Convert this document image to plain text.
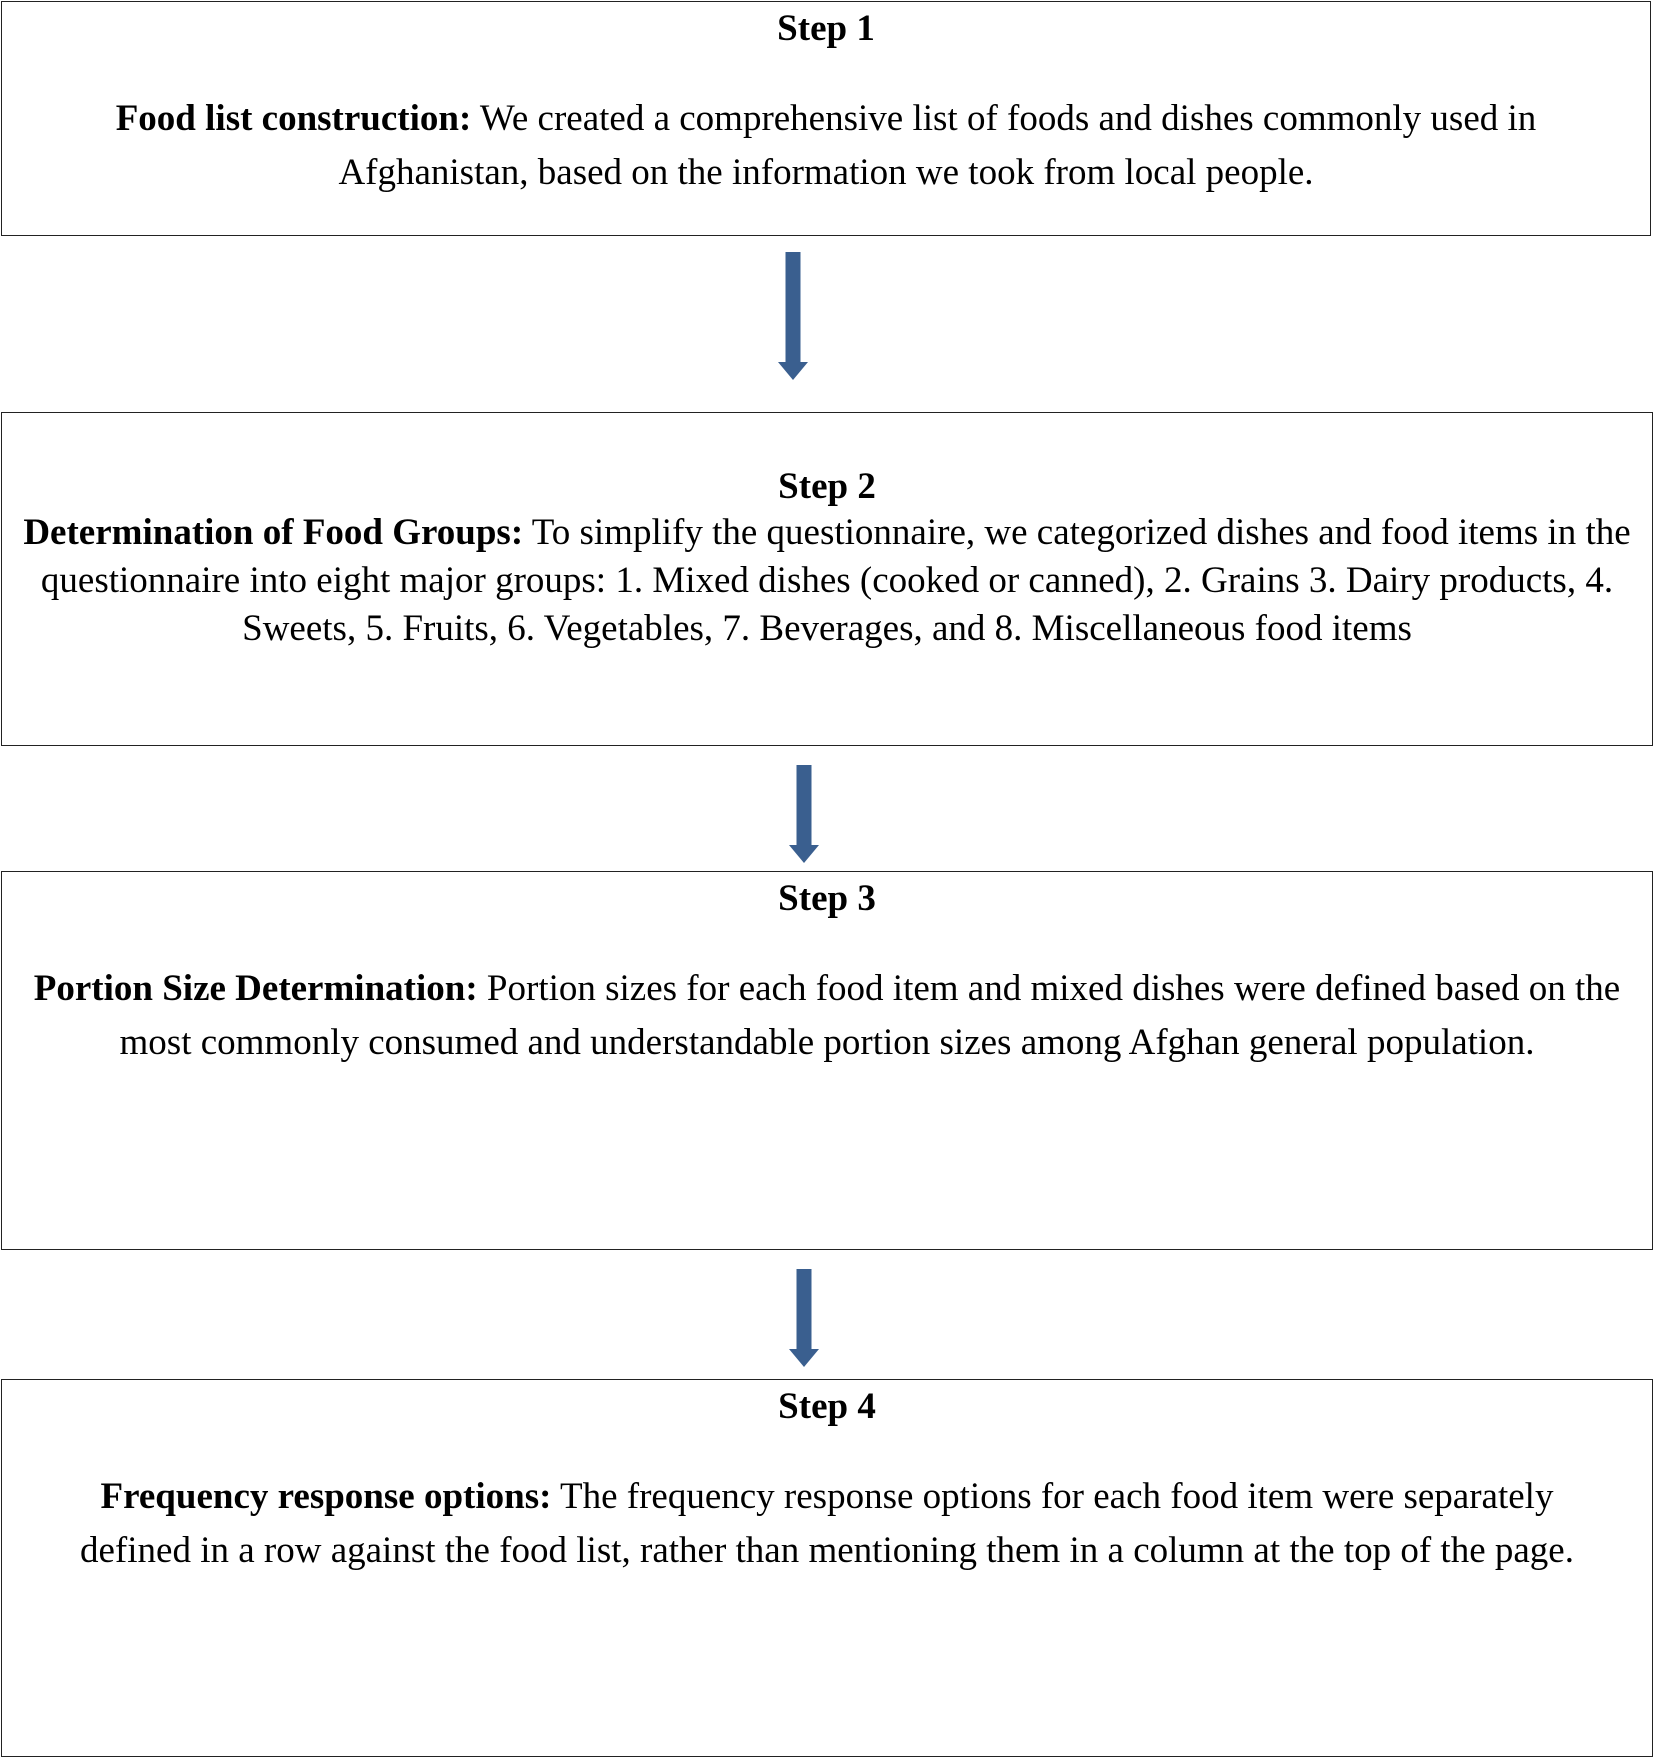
Step 1

Food list construction: We created a comprehensive list of foods and dishes commonly used in Afghanistan, based on the information we took from local people.

Step 2

Determination of Food Groups: To simplify the questionnaire, we categorized dishes and food items in the questionnaire into eight major groups: 1. Mixed dishes (cooked or canned), 2. Grains 3. Dairy products, 4. Sweets, 5. Fruits, 6. Vegetables, 7. Beverages, and 8. Miscellaneous food items

Step 3

Portion Size Determination: Portion sizes for each food item and mixed dishes were defined based on the most commonly consumed and understandable portion sizes among Afghan general population.

Step 4

Frequency response options: The frequency response options for each food item were separately defined in a row against the food list, rather than mentioning them in a column at the top of the page.
